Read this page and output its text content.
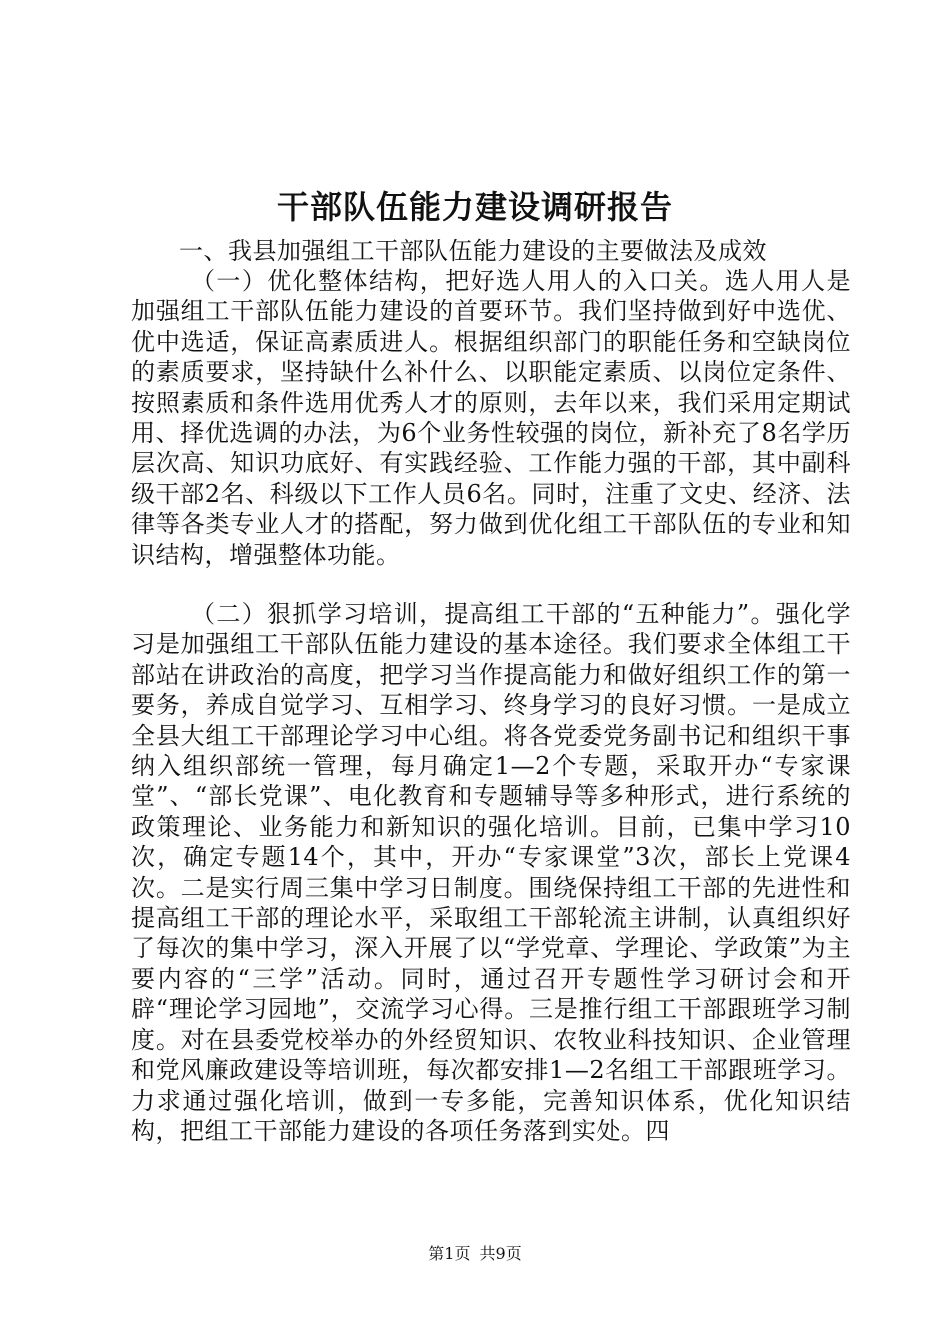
干部队伍能力建设调研报告

一、我县加强组工干部队伍能力建设的主要做法及成效

（一）优化整体结构，把好选人用人的入口关。选人用人是加强组工干部队伍能力建设的首要环节。我们坚持做到好中选优、优中选适，保证高素质进人。根据组织部门的职能任务和空缺岗位的素质要求，坚持缺什么补什么、以职能定素质、以岗位定条件、按照素质和条件选用优秀人才的原则，去年以来，我们采用定期试用、择优选调的办法，为6个业务性较强的岗位，新补充了8名学历层次高、知识功底好、有实践经验、工作能力强的干部，其中副科级干部2名、科级以下工作人员6名。同时，注重了文史、经济、法律等各类专业人才的搭配，努力做到优化组工干部队伍的专业和知识结构，增强整体功能。

（二）狠抓学习培训，提高组工干部的“五种能力”。强化学习是加强组工干部队伍能力建设的基本途径。我们要求全体组工干部站在讲政治的高度，把学习当作提高能力和做好组织工作的第一要务，养成自觉学习、互相学习、终身学习的良好习惯。一是成立全县大组工干部理论学习中心组。将各党委党务副书记和组织干事纳入组织部统一管理，每月确定1—2个专题，采取开办“专家课堂”、“部长党课”、电化教育和专题辅导等多种形式，进行系统的政策理论、业务能力和新知识的强化培训。目前，已集中学习10次，确定专题14个，其中，开办“专家课堂”3次，部长上党课4次。二是实行周三集中学习日制度。围绕保持组工干部的先进性和提高组工干部的理论水平，采取组工干部轮流主讲制，认真组织好了每次的集中学习，深入开展了以“学党章、学理论、学政策”为主要内容的“三学”活动。同时，通过召开专题性学习研讨会和开辟“理论学习园地”，交流学习心得。三是推行组工干部跟班学习制度。对在县委党校举办的外经贸知识、农牧业科技知识、企业管理和党风廉政建设等培训班，每次都安排1—2名组工干部跟班学习。力求通过强化培训，做到一专多能，完善知识体系，优化知识结构，把组工干部能力建设的各项任务落到实处。四

第1页 共9页
